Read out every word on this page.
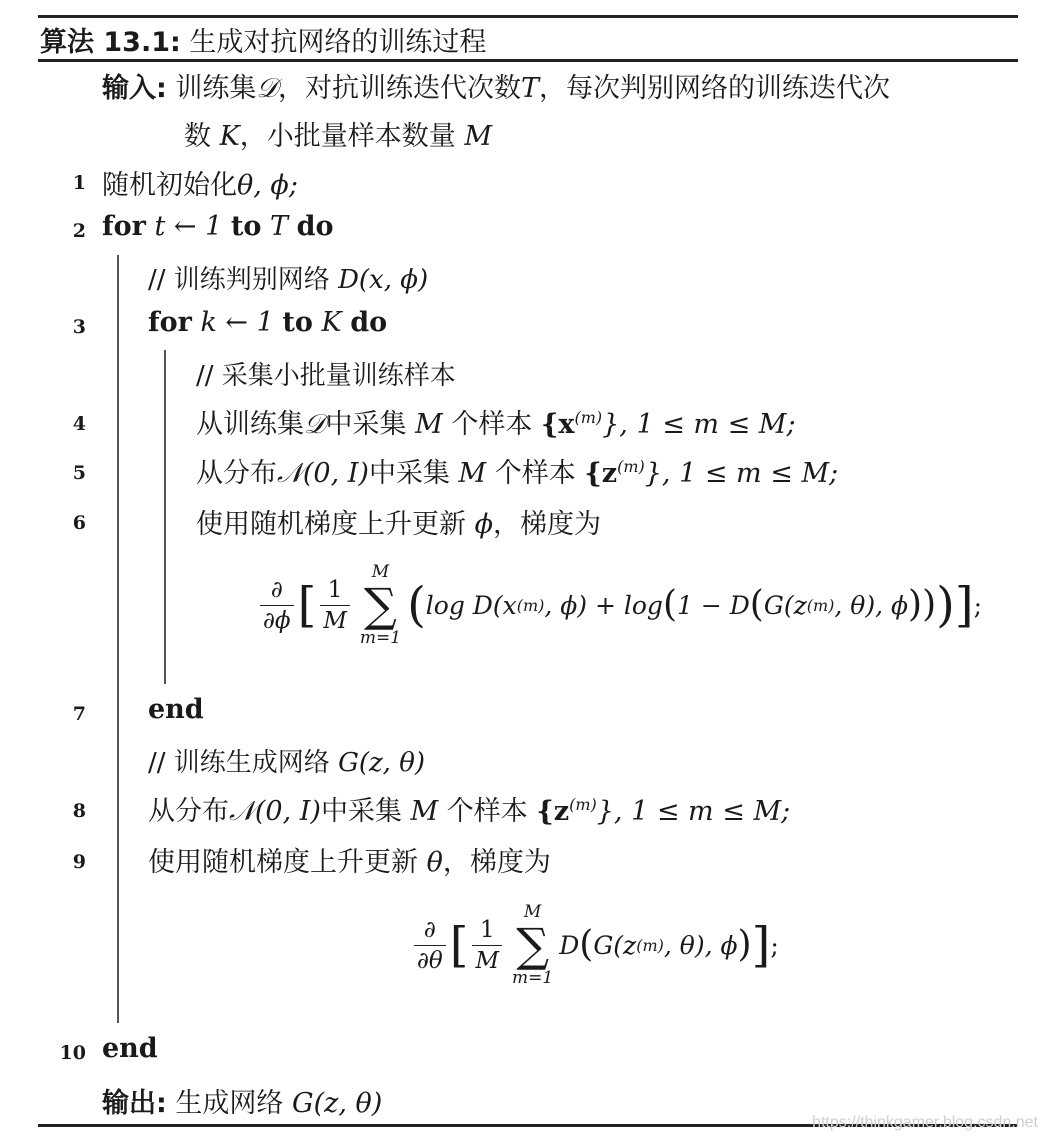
算法 13.1: 生成对抗网络的训练过程
输入: 训练集𝒟，对抗训练迭代次数T，每次判别网络的训练迭代次
数 K，小批量样本数量 M
1 随机初始化θ, ϕ;
2 for t ← 1 to T do
// 训练判别网络 D(x, ϕ)
3 for k ← 1 to K do
// 采集小批量训练样本
4	从训练集𝒟中采集 M 个样本 $\{x^{(m)}\}$, 1 ≤ m ≤ M;
5	从分布𝒩(0, I)中采集 M 个样本 $\{z^{(m)}\}$, 1 ≤ m ≤ M;
6	使用随机梯度上升更新 ϕ，梯度为
$\frac{\partial}{\partial\phi}$ [ $\frac{1}{M}$
M
∑
m=1
( log D(x (m) , ϕ) + log ( 1 − D ( G(z (m) , θ), ϕ ) ) ) ] ;
7 end
// 训练生成网络 G(z, θ)
8 从分布𝒩(0, I)中采集 M 个样本 $\{z^{(m)}\}$, 1 ≤ m ≤ M;
9 使用随机梯度上升更新 θ，梯度为
$\frac{\partial}{\partial\theta}$ [ $\frac{1}{M}$
M
∑
m=1
D ( G(z (m) , θ), ϕ ) ] ;
10 end
输出: 生成网络 G(z, θ)
https://thinkgamer.blog.csdn.net
